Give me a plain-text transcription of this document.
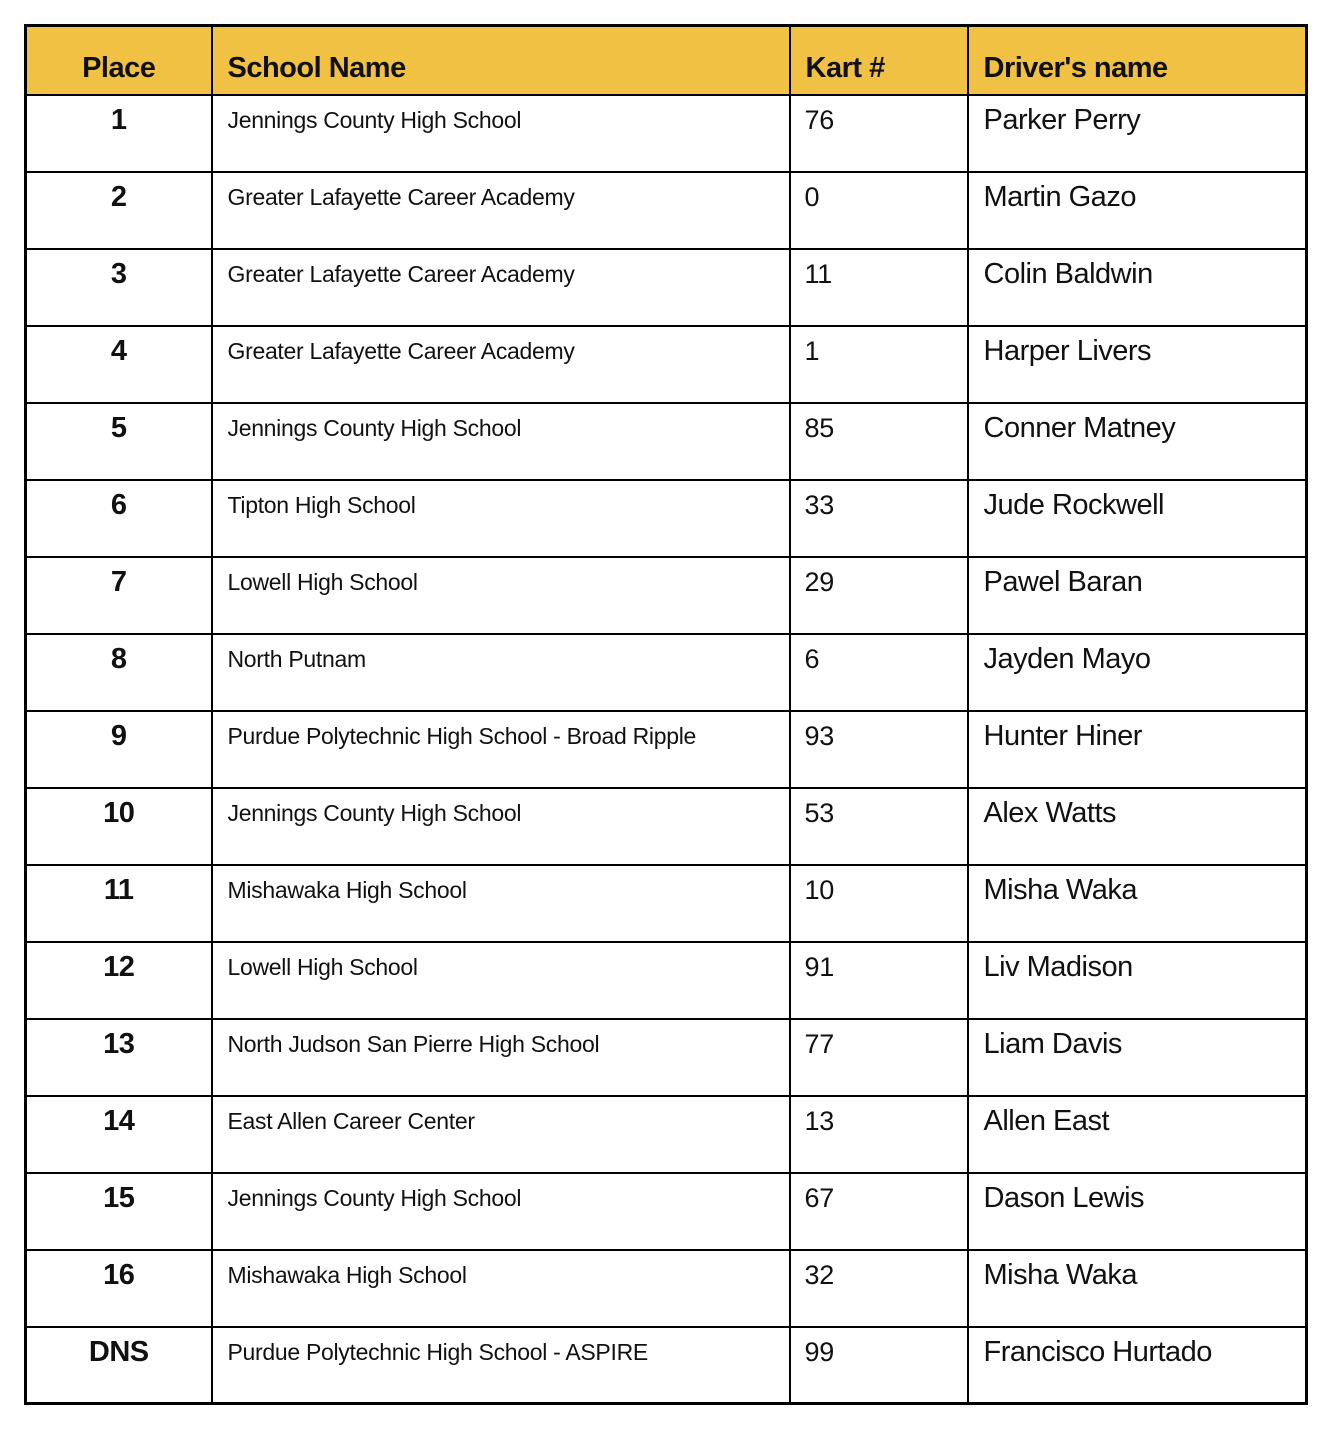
Place	School Name	Kart #	Driver's name
1	Jennings County High School	76	Parker Perry
2	Greater Lafayette Career Academy	0	Martin Gazo
3	Greater Lafayette Career Academy	11	Colin Baldwin
4	Greater Lafayette Career Academy	1	Harper Livers
5	Jennings County High School	85	Conner Matney
6	Tipton High School	33	Jude Rockwell
7	Lowell High School	29	Pawel Baran
8	North Putnam	6	Jayden Mayo
9	Purdue Polytechnic High School - Broad Ripple	93	Hunter Hiner
10	Jennings County High School	53	Alex Watts
11	Mishawaka High School	10	Misha Waka
12	Lowell High School	91	Liv Madison
13	North Judson San Pierre High School	77	Liam Davis
14	East Allen Career Center	13	Allen East
15	Jennings County High School	67	Dason Lewis
16	Mishawaka High School	32	Misha Waka
DNS	Purdue Polytechnic High School - ASPIRE	99	Francisco Hurtado
